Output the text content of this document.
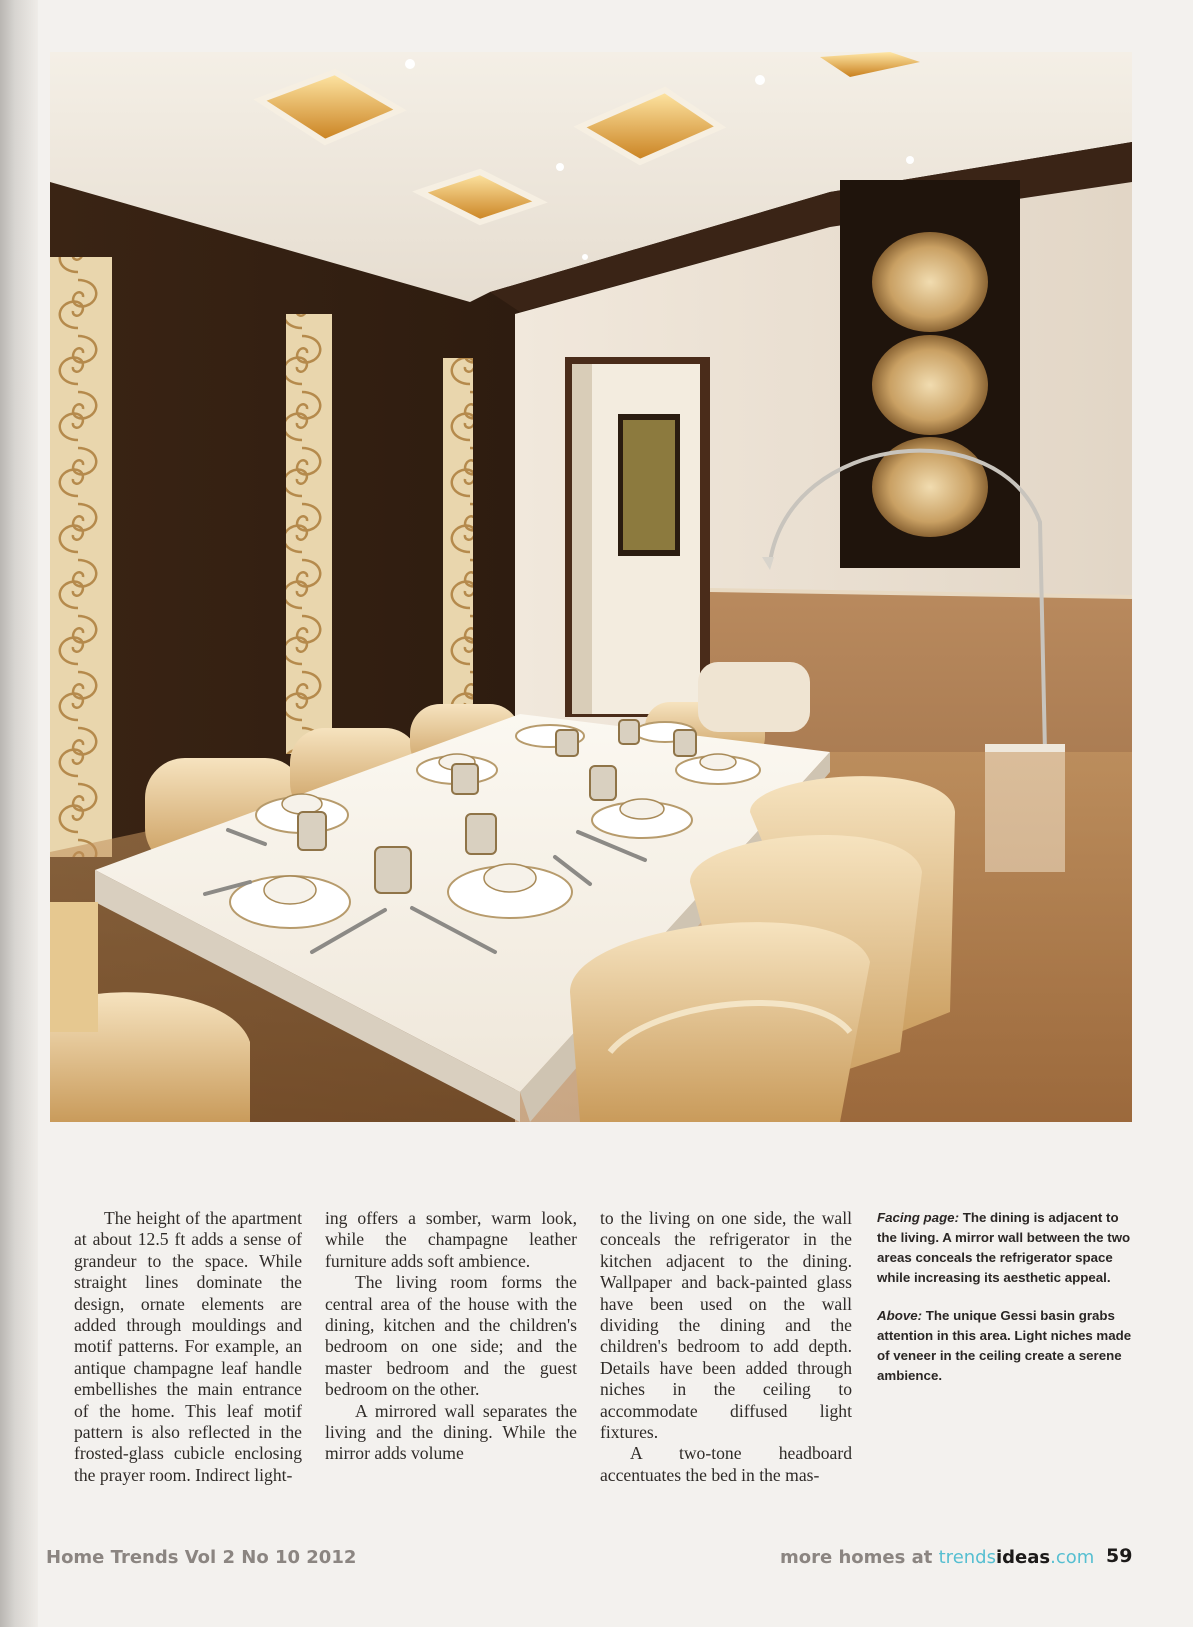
The height of the apartment at about 12.5 ft adds a sense of grandeur to the space. While straight lines dominate the design, ornate elements are added through mouldings and motif patterns. For example, an antique champagne leaf handle embellishes the main entrance of the home. This leaf motif pattern is also reflected in the frosted-glass cubicle enclosing the prayer room. Indirect light-

ing offers a somber, warm look, while the champagne leather furniture adds soft ambience.

The living room forms the central area of the house with the dining, kitchen and the children's bedroom on one side; and the master bedroom and the guest bedroom on the other.

A mirrored wall separates the living and the dining. While the mirror adds volume

to the living on one side, the wall conceals the refrigerator in the kitchen adjacent to the dining. Wallpaper and back-painted glass have been used on the wall dividing the dining and the children's bedroom to add depth. Details have been added through niches in the ceiling to accommodate diffused light fixtures.

A two-tone headboard accentuates the bed in the mas-

Facing page: The dining is adjacent to the living. A mirror wall between the two areas conceals the refrigerator space while increasing its aesthetic appeal.

Above: The unique Gessi basin grabs attention in this area. Light niches made of veneer in the ceiling create a serene ambience.

Home Trends Vol 2 No 10 2012	more homes at trendsideas.com 59
